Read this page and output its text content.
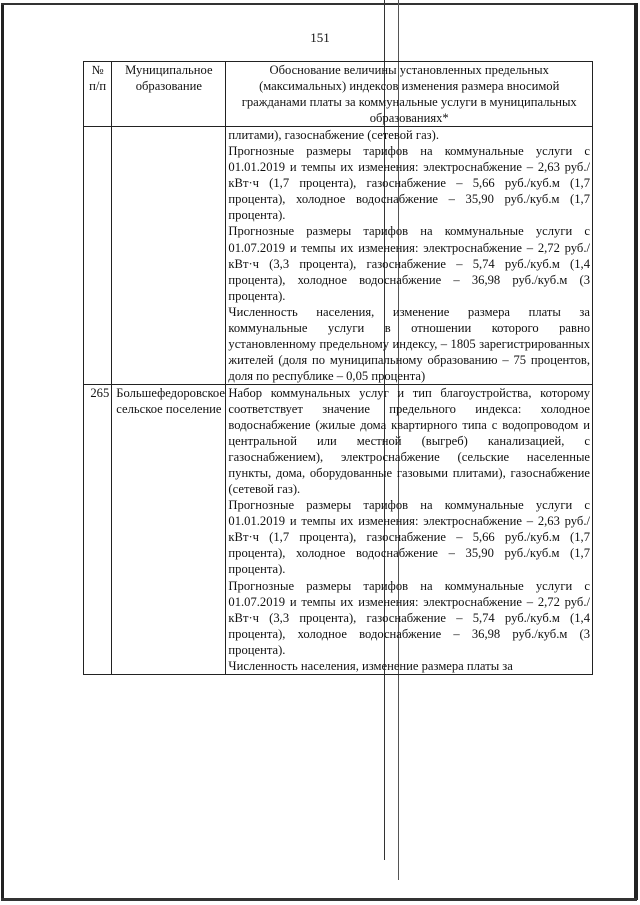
151
№
п/п	Муниципальное образование	Обоснование величины установленных предельных (максимальных) индексов изменения размера вносимой гражданами платы за коммунальные услуги в муниципальных образованиях*

		плитами), газоснабжение (сетевой газ).

Прогнозные размеры тарифов на коммунальные услуги с 01.01.2019 и темпы их изменения: электроснабжение – 2,63 руб./кВт·ч (1,7 процента), газоснабжение – 5,66 руб./куб.м (1,7 процента), холодное водоснабжение – 35,90 руб./куб.м (1,7 процента).

Прогнозные размеры тарифов на коммунальные услуги с 01.07.2019 и темпы их изменения: электроснабжение – 2,72 руб./кВт·ч (3,3 процента), газоснабжение – 5,74 руб./куб.м (1,4 процента), холодное водоснабжение – 36,98 руб./куб.м (3 процента).

Численность населения, изменение размера платы за коммунальные услуги в отношении которого равно установленному предельному индексу, – 1805 зарегистрированных жителей (доля по муниципальному образованию – 75 процентов, доля по республике – 0,05 процента)

265	Большефедоровское сельское поселение	Набор коммунальных услуг и тип благоустройства, которому соответствует значение предельного индекса: холодное водоснабжение (жилые дома квартирного типа с водопроводом и центральной или местной (выгреб) канализацией, с газоснабжением), электроснабжение (сельские населенные пункты, дома, оборудованные газовыми плитами), газоснабжение (сетевой газ).

Прогнозные размеры тарифов на коммунальные услуги с 01.01.2019 и темпы их изменения: электроснабжение – 2,63 руб./кВт·ч (1,7 процента), газоснабжение – 5,66 руб./куб.м (1,7 процента), холодное водоснабжение – 35,90 руб./куб.м (1,7 процента).

Прогнозные размеры тарифов на коммунальные услуги с 01.07.2019 и темпы их изменения: электроснабжение – 2,72 руб./кВт·ч (3,3 процента), газоснабжение – 5,74 руб./куб.м (1,4 процента), холодное водоснабжение – 36,98 руб./куб.м (3 процента).

Численность населения, изменение размера платы за
